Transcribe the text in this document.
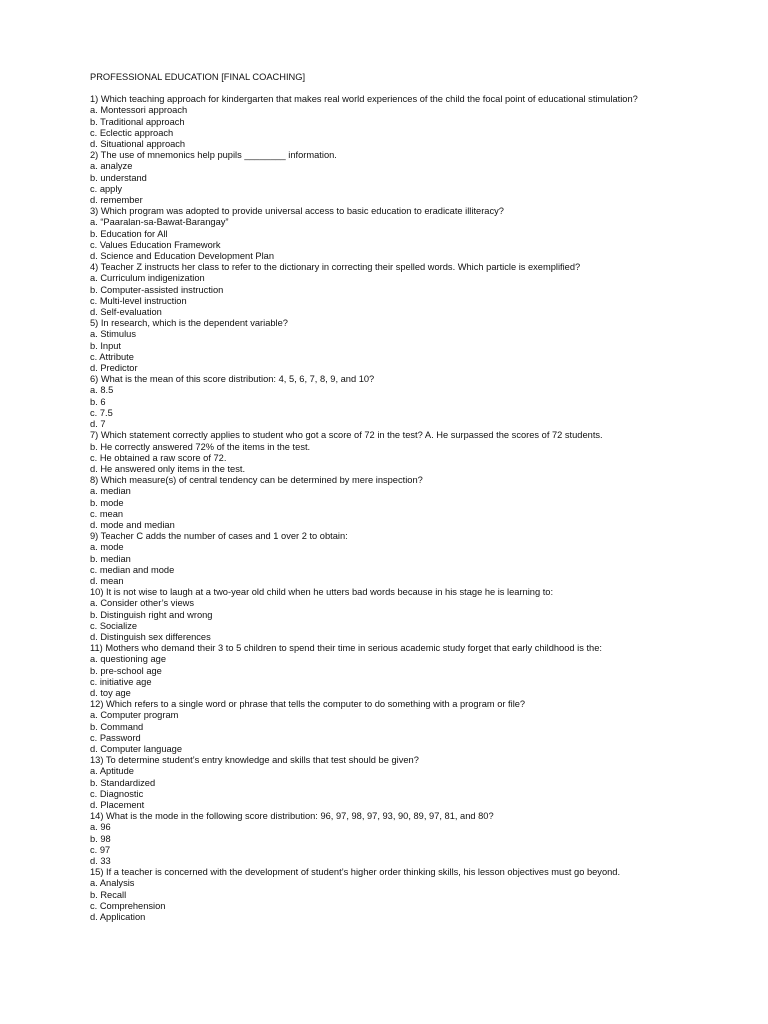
PROFESSIONAL EDUCATION [FINAL COACHING]
1) Which teaching approach for kindergarten that makes real world experiences of the child the focal point of educational stimulation?
a. Montessori approach
b. Traditional approach
c. Eclectic approach
d. Situational approach
2) The use of mnemonics help pupils ________ information.
a. analyze
b. understand
c. apply
d. remember
3) Which program was adopted to provide universal access to basic education to eradicate illiteracy?
a. “Paaralan-sa-Bawat-Barangay”
b. Education for All
c. Values Education Framework
d. Science and Education Development Plan
4) Teacher Z instructs her class to refer to the dictionary in correcting their spelled words. Which particle is exemplified?
a. Curriculum indigenization
b. Computer-assisted instruction
c. Multi-level instruction
d. Self-evaluation
5) In research, which is the dependent variable?
a. Stimulus
b. Input
c. Attribute
d. Predictor
6) What is the mean of this score distribution: 4, 5, 6, 7, 8, 9, and 10?
a. 8.5
b. 6
c. 7.5
d. 7
7) Which statement correctly applies to student who got a score of 72 in the test? A. He surpassed the scores of 72 students.
b. He correctly answered 72% of the items in the test.
c. He obtained a raw score of 72.
d. He answered only items in the test.
8) Which measure(s) of central tendency can be determined by mere inspection?
a. median
b. mode
c. mean
d. mode and median
9) Teacher C adds the number of cases and 1 over 2 to obtain:
a. mode
b. median
c. median and mode
d. mean
10) It is not wise to laugh at a two-year old child when he utters bad words because in his stage he is learning to:
a. Consider other’s views
b. Distinguish right and wrong
c. Socialize
d. Distinguish sex differences
11) Mothers who demand their 3 to 5 children to spend their time in serious academic study forget that early childhood is the:
a. questioning age
b. pre-school age
c. initiative age
d. toy age
12) Which refers to a single word or phrase that tells the computer to do something with a program or file?
a. Computer program
b. Command
c. Password
d. Computer language
13) To determine student’s entry knowledge and skills that test should be given?
a. Aptitude
b. Standardized
c. Diagnostic
d. Placement
14) What is the mode in the following score distribution: 96, 97, 98, 97, 93, 90, 89, 97, 81, and 80?
a. 96
b. 98
c. 97
d. 33
15) If a teacher is concerned with the development of student’s higher order thinking skills, his lesson objectives must go beyond.
a. Analysis
b. Recall
c. Comprehension
d. Application
